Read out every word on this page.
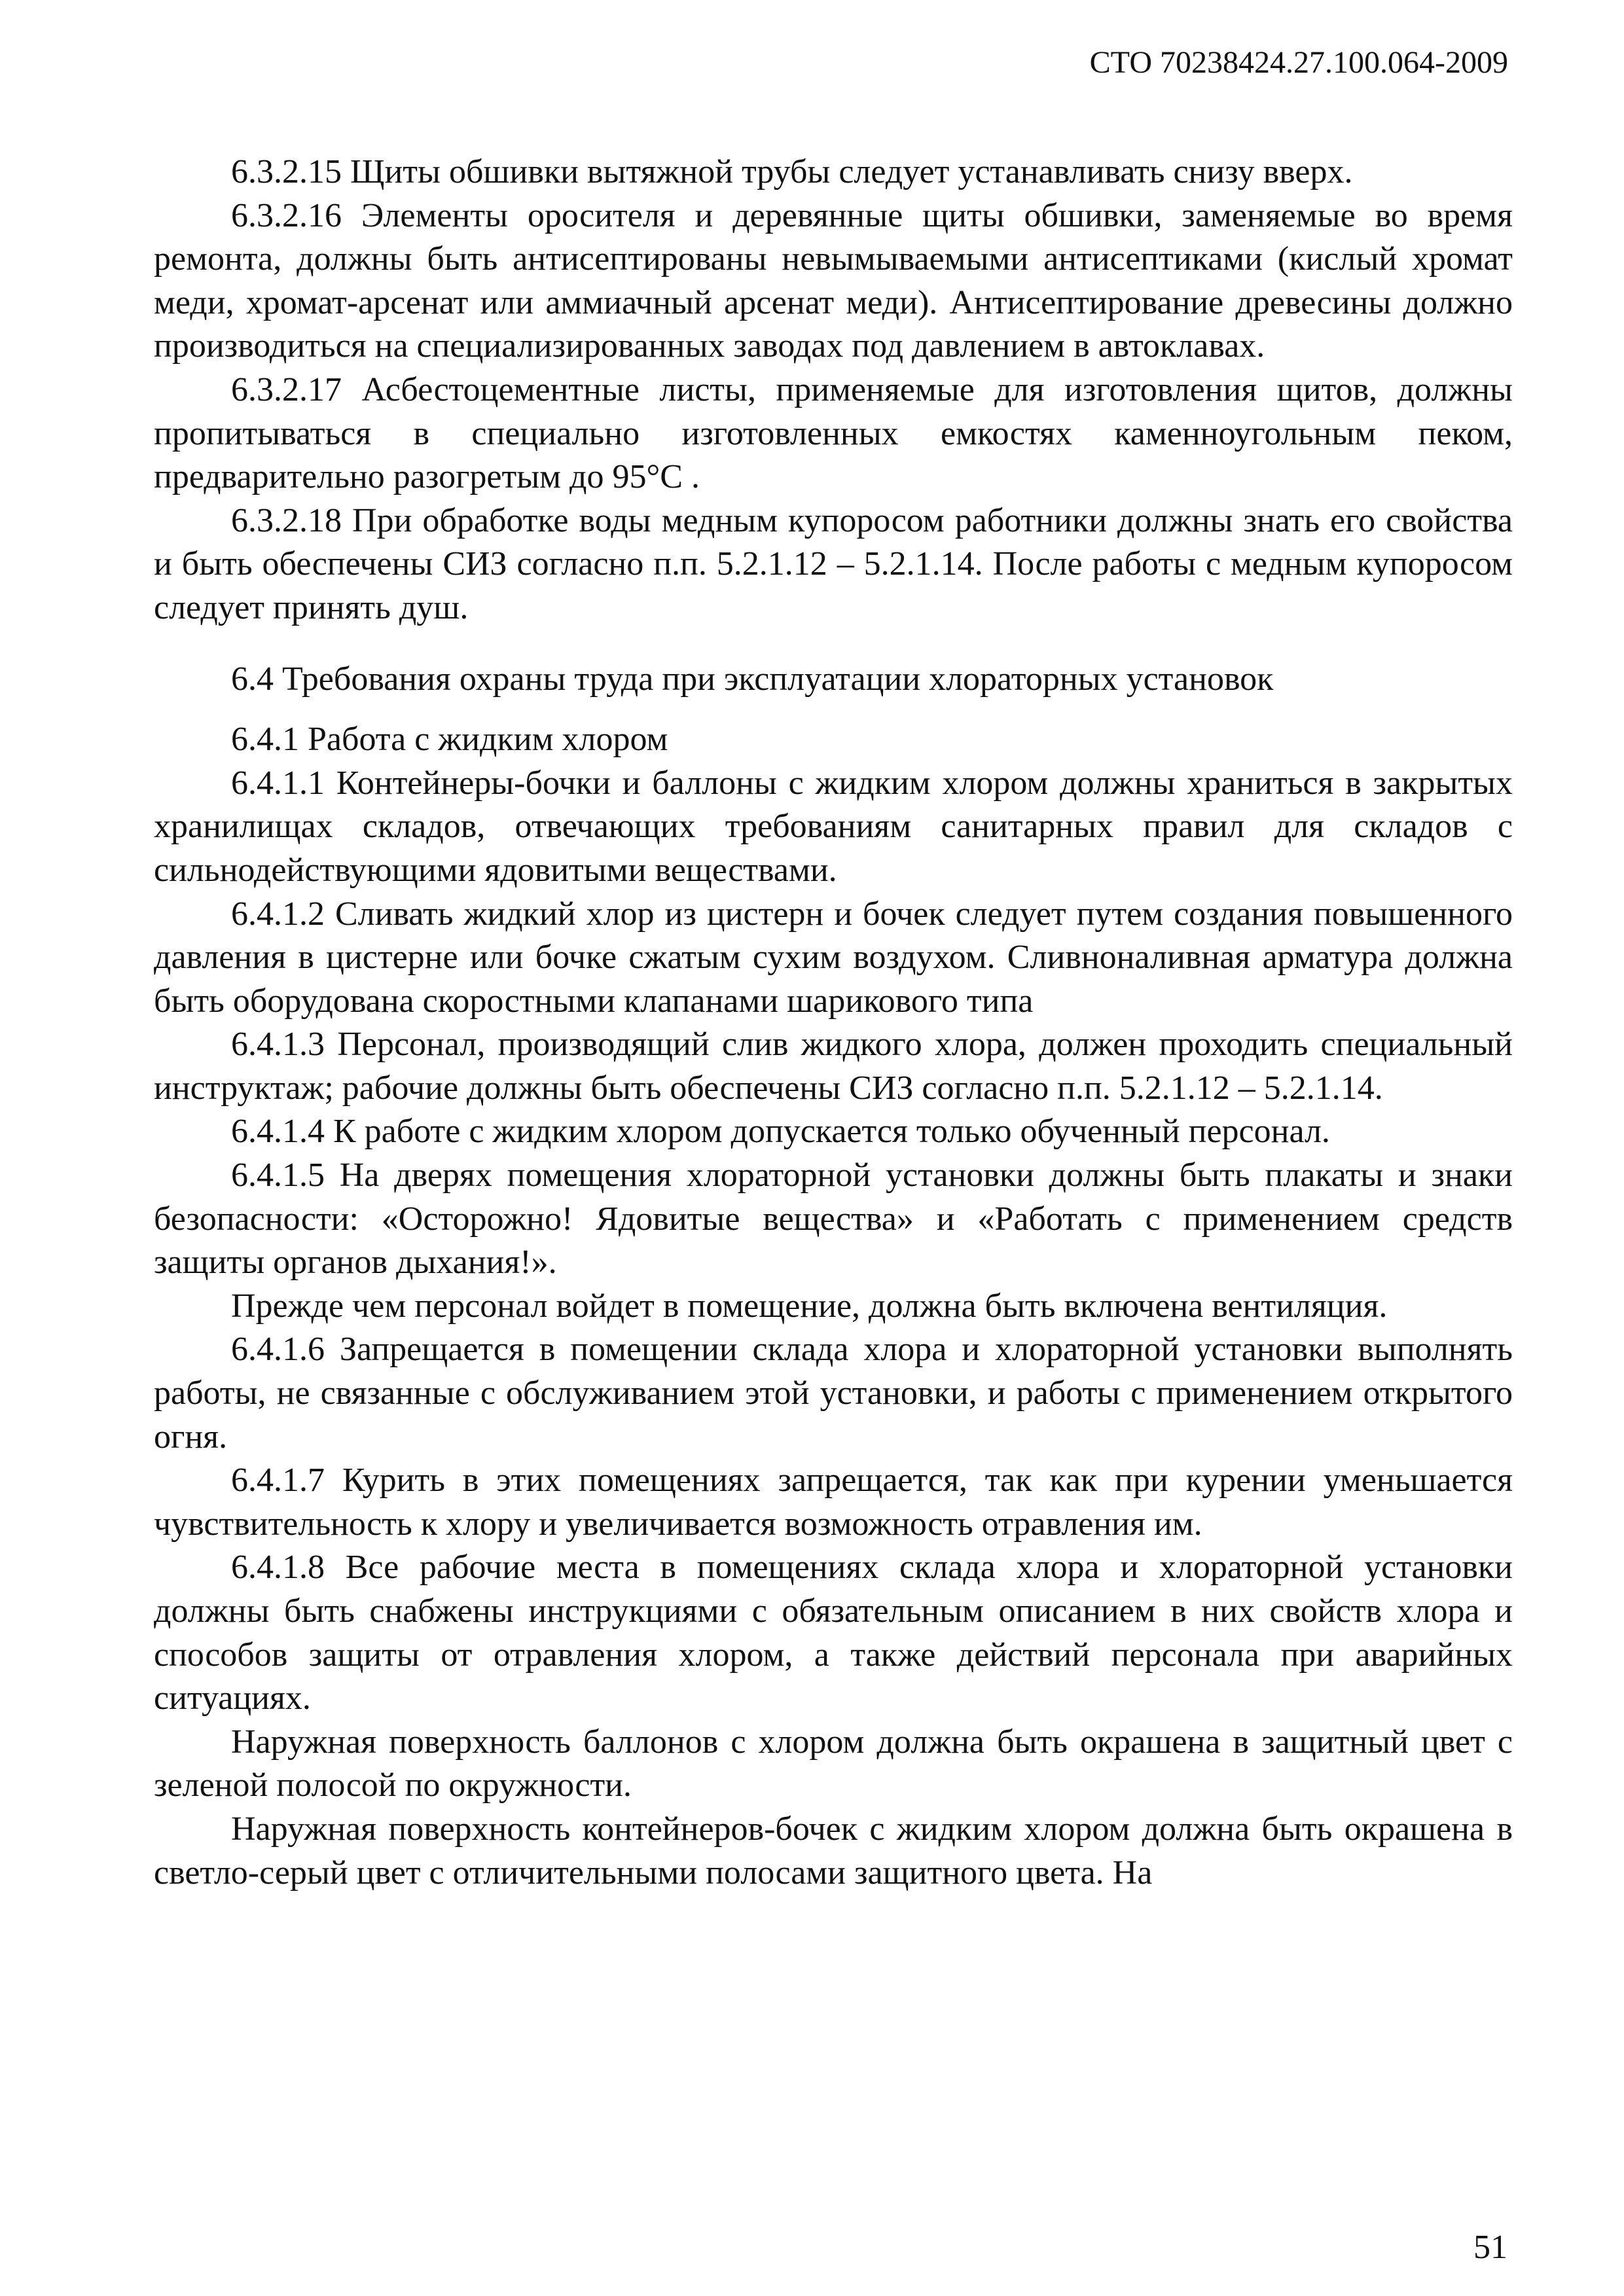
СТО 70238424.27.100.064-2009

6.3.2.15 Щиты обшивки вытяжной трубы следует устанавливать снизу вверх.

6.3.2.16 Элементы оросителя и деревянные щиты обшивки, заменяемые во время ремонта, должны быть антисептированы невымываемыми антисептиками (кислый хромат меди, хромат-арсенат или аммиачный арсенат меди). Антисептирование древесины должно производиться на специализированных заводах под давлением в автоклавах.

6.3.2.17 Асбестоцементные листы, применяемые для изготовления щитов, должны пропитываться в специально изготовленных емкостях каменноугольным пеком, предварительно разогретым до 95°C .

6.3.2.18 При обработке воды медным купоросом работники должны знать его свойства и быть обеспечены СИЗ согласно п.п. 5.2.1.12 – 5.2.1.14. После работы с медным купоросом следует принять душ.

6.4 Требования охраны труда при эксплуатации хлораторных установок

6.4.1 Работа с жидким хлором

6.4.1.1 Контейнеры-бочки и баллоны с жидким хлором должны храниться в закрытых хранилищах складов, отвечающих требованиям санитарных правил для складов с сильнодействующими ядовитыми веществами.

6.4.1.2 Сливать жидкий хлор из цистерн и бочек следует путем создания повышенного давления в цистерне или бочке сжатым сухим воздухом. Сливноналивная арматура должна быть оборудована скоростными клапанами шарикового типа

6.4.1.3 Персонал, производящий слив жидкого хлора, должен проходить специальный инструктаж; рабочие должны быть обеспечены СИЗ согласно п.п. 5.2.1.12 – 5.2.1.14.

6.4.1.4 К работе с жидким хлором допускается только обученный персонал.

6.4.1.5 На дверях помещения хлораторной установки должны быть плакаты и знаки безопасности: «Осторожно! Ядовитые вещества» и «Работать с применением средств защиты органов дыхания!».

Прежде чем персонал войдет в помещение, должна быть включена вентиляция.

6.4.1.6 Запрещается в помещении склада хлора и хлораторной установки выполнять работы, не связанные с обслуживанием этой установки, и работы с применением открытого огня.

6.4.1.7 Курить в этих помещениях запрещается, так как при курении уменьшается чувствительность к хлору и увеличивается возможность отравления им.

6.4.1.8 Все рабочие места в помещениях склада хлора и хлораторной установки должны быть снабжены инструкциями с обязательным описанием в них свойств хлора и способов защиты от отравления хлором, а также действий персонала при аварийных ситуациях.

Наружная поверхность баллонов с хлором должна быть окрашена в защитный цвет с зеленой полосой по окружности.

Наружная поверхность контейнеров-бочек с жидким хлором должна быть окрашена в светло-серый цвет с отличительными полосами защитного цвета. На

51
